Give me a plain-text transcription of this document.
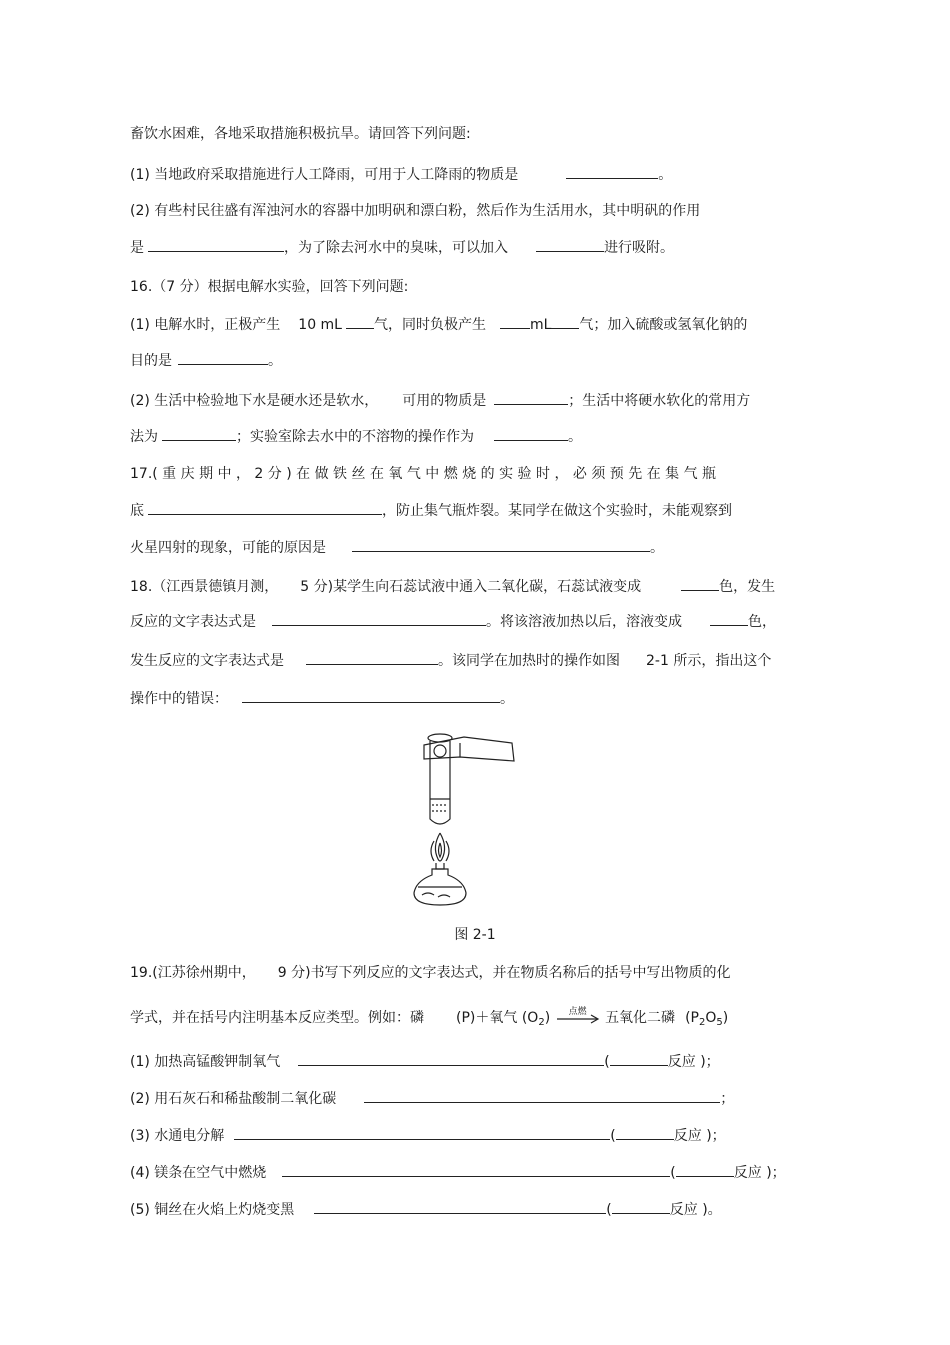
畜饮水困难，各地采取措施积极抗旱。请回答下列问题:
(1) 当地政府采取措施进行人工降雨，可用于人工降雨的物质是	。
(2) 有些村民往盛有浑浊河水的容器中加明矾和漂白粉，然后作为生活用水，其中明矾的作用
是	，为了除去河水中的臭味，可以加入	进行吸附。
16.（7 分）根据电解水实验，回答下列问题:
(1) 电解水时，正极产生 10 mL 气，同时负极产生	mL 气；加入硫酸或氢氧化钠的
目的是	。
(2) 生活中检验地下水是硬水还是软水， 可用的物质是	；生活中将硬水软化的常用方
法为	；实验室除去水中的不溶物的操作作为	。
17.( 重 庆 期 中 ， 2 分 ) 在 做 铁 丝 在 氧 气 中 燃 烧 的 实 验 时 ， 必 须 预 先 在 集 气 瓶
底	，防止集气瓶炸裂。某同学在做这个实验时，未能观察到
火星四射的现象，可能的原因是	。
18.（江西景德镇月测， 5 分)某学生向石蕊试液中通入二氧化碳，石蕊试液变成	色，发生
反应的文字表达式是	。将该溶液加热以后，溶液变成	色，
发生反应的文字表达式是	。该同学在加热时的操作如图 2-1 所示，指出这个
操作中的错误：	。
图 2-1
19.(江苏徐州期中， 9 分)书写下列反应的文字表达式，并在物质名称后的括号中写出物质的化
学式，并在括号内注明基本反应类型。例如：磷 (P)＋氧气 $(O_2)$	点燃	五氧化二磷 $(P_2O_5)$
(1) 加热高锰酸钾制氧气	(	反应 )；
(2) 用石灰石和稀盐酸制二氧化碳	；
(3) 水通电分解	(	反应 )；
(4) 镁条在空气中燃烧	(	反应 )；
(5) 铜丝在火焰上灼烧变黑	(	反应 )。
